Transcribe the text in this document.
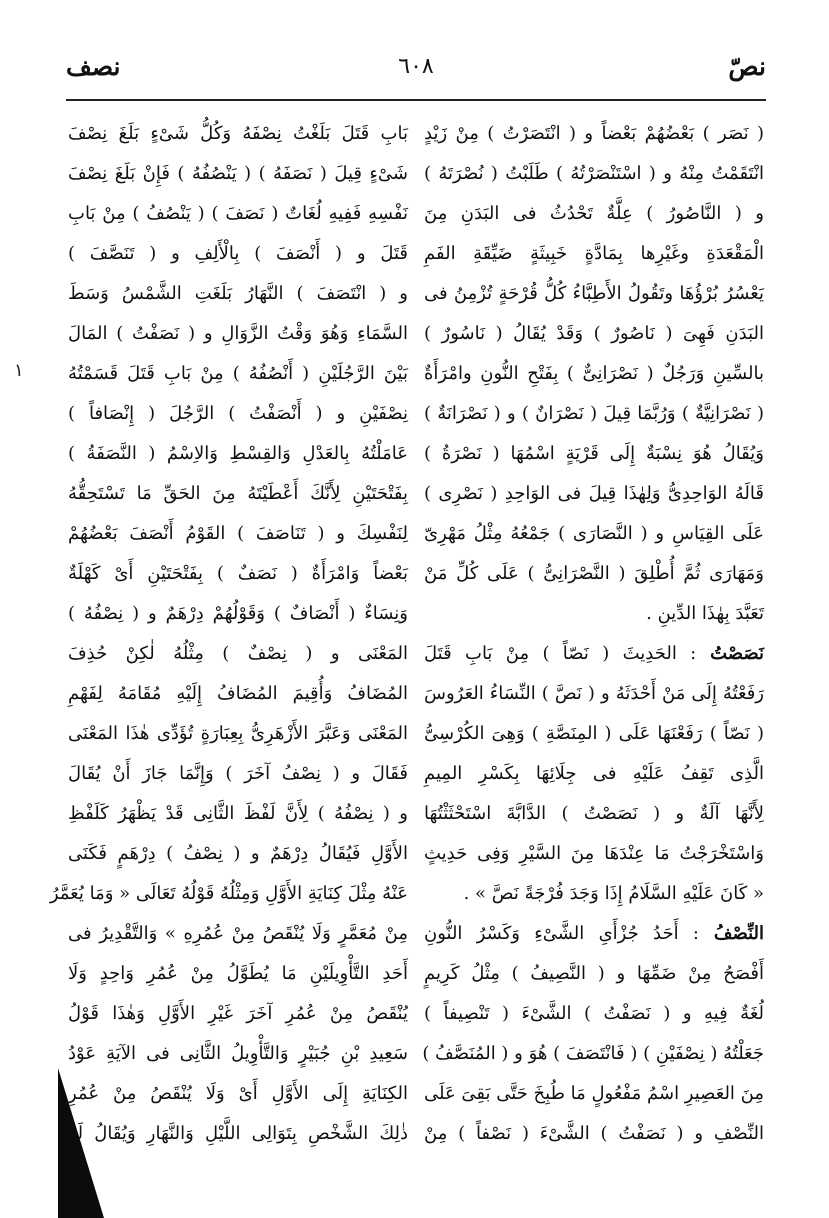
نصّ
٦٠٨
نصف
١
( نَصَر ) بَعْضُهُمْ بَعْضاً و ( انْتَصَرْتُ ) مِنْ زَيْدٍ
انْتَقَمْتُ مِنْهُ و ( اسْتَنْصَرْتُهُ ) طَلَبْتُ ( نُصْرَتَهُ )
و ( النَّاصُورُ ) عِلَّةٌ تَحْدُثُ فى البَدَنِ مِنَ
الْمَقْعَدَةِ وغَيْرِها بِمَادَّةٍ خَبِيثَةٍ ضَيِّقَةِ الفَمِ
يَعْسُرُ بُرْؤُهَا وتَقُولُ الأَطِبَّاءُ كُلُّ قُرْحَةٍ تُزْمِنُ فى
البَدَنِ فَهِىَ ( نَاصُورٌ ) وَقَدْ يُقَالُ ( نَاسُورٌ )
بالسِّينِ وَرَجُلٌ ( نَصْرَانِىٌّ ) بِفَتْحِ النُّونِ وامْرَأَةٌ
( نَصْرَانِيَّةٌ ) وَرُبَّمَا قِيلَ ( نَصْرَانٌ ) و ( نَصْرَانَةٌ )
وَيُقَالُ هُوَ نِسْبَةٌ إِلَى قَرْيَةٍ اسْمُهَا ( نَصْرَةُ )
قَالَهُ الوَاحِدِىُّ وَلِهٰذَا قِيلَ فى الوَاحِدِ ( نَصْرِى )
عَلَى القِيَاسِ و ( النَّصَارَى ) جَمْعُهُ مِثْلُ مَهْرِىّ
وَمَهَارَى ثُمَّ أُطْلِقَ ( النَّصْرَانِىُّ ) عَلَى كُلِّ مَنْ
تَعَبَّدَ بِهٰذَا الدِّينِ .
نَصَصْتُ : الحَدِيثَ ( نَصّاً ) مِنْ بَابِ قَتَلَ
رَفَعْتُهُ إِلَى مَنْ أَحْدَثَهُ و ( نَصَّ ) النِّسَاءُ العَرُوسَ
( نَصّاً ) رَفَعْنَهَا عَلَى ( المِنَصَّةِ ) وَهِىَ الكُرْسِىُّ
الَّذِى تَقِفُ عَلَيْهِ فى جِلَائِهَا بِكَسْرِ المِيمِ
لِأَنَّهَا آلَةٌ و ( نَصَصْتُ ) الدَّابَّةَ اسْتَحْثَثْتُهَا
وَاسْتَخْرَجْتُ مَا عِنْدَهَا مِنَ السَّيْرِ وَفِى حَدِيثٍ
« كَانَ عَلَيْهِ السَّلَامُ إِذَا وَجَدَ فُرْجَةً نَصَّ » .
النِّصْفُ : أَحَدُ جُزْأَىِ الشَّىْءِ وَكَسْرُ النُّونِ
أَفْصَحُ مِنْ ضَمِّهَا و ( النَّصِيفُ ) مِثْلُ كَرِيمٍ
لُغَةٌ فِيهِ و ( نَصَفْتُ ) الشَّىْءَ ( تَنْصِيفاً )
جَعَلْتُهُ ( نِصْفَيْنِ ) ( فَانْتَصَفَ ) هُوَ و ( المُنَصَّفُ )
مِنَ العَصِيرِ اسْمُ مَفْعُولٍ مَا طُبِخَ حَتَّى بَقِىَ عَلَى
النِّصْفِ و ( نَصَفْتُ ) الشَّىْءَ ( نَصْفاً ) مِنْ
بَابِ قَتَلَ بَلَغْتُ نِصْفَهُ وَكُلُّ شَىْءٍ بَلَغَ نِصْفَ
شَىْءٍ قِيلَ ( نَصَفَهُ ) ( يَنْصُفُهُ ) فَإِنْ بَلَغَ نِصْفَ
نَفْسِهِ فَفِيهِ لُغَاتٌ ( نَصَفَ ) ( يَنْصُفُ ) مِنْ بَابِ
قَتَلَ و ( أَنْصَفَ ) بِالْأَلِفِ و ( تَنَصَّفَ )
و ( انْتَصَفَ ) النَّهَارُ بَلَغَتِ الشَّمْسُ وَسَطَ
السَّمَاءِ وَهُوَ وَقْتُ الزَّوَالِ و ( نَصَفْتُ ) المَالَ
بَيْنَ الرَّجُلَيْنِ ( أَنْصُفُهُ ) مِنْ بَابِ قَتَلَ قَسَمْتُهُ
نِصْفَيْنِ و ( أَنْصَفْتُ ) الرَّجُلَ ( إِنْصَافاً )
عَامَلْتُهُ بِالعَدْلِ وَالقِسْطِ وَالاِسْمُ ( النَّصَفَةُ )
بِفَتْحَتَيْنِ لِأَنَّكَ أَعْطَيْتَهُ مِنَ الحَقِّ مَا تَسْتَحِقُّهُ
لِنَفْسِكَ و ( تَنَاصَفَ ) القَوْمُ أَنْصَفَ بَعْضُهُمْ
بَعْضاً وَامْرَأَةٌ ( نَصَفٌ ) بِفَتْحَتَيْنِ أَىْ كَهْلَةٌ
وَنِسَاءٌ ( أَنْصَافٌ ) وَقَوْلُهُمْ دِرْهَمٌ و ( نِصْفُهُ )
المَعْنَى و ( نِصْفٌ ) مِثْلُهُ لٰكِنْ حُذِفَ
المُضَافُ وَأُقِيمَ المُضَافُ إِلَيْهِ مُقَامَهُ لِفَهْمِ
المَعْنَى وَعَبَّرَ الأَزْهَرِىُّ بِعِبَارَةٍ تُؤَدِّى هٰذَا المَعْنَى
فَقَالَ و ( نِصْفُ آخَرَ ) وَإِنَّمَا جَازَ أَنْ يُقَالَ
و ( نِصْفُهُ ) لِأَنَّ لَفْظَ الثَّانِى قَدْ يَظْهَرُ كَلَفْظِ
الأَوَّلِ فَيُقَالُ دِرْهَمٌ و ( نِصْفُ ) دِرْهَمٍ فَكَنَى
عَنْهُ مِثْلَ كِنَايَةِ الأَوَّلِ وَمِثْلُهُ قَوْلُهُ تَعَالَى « وَمَا يُعَمَّرُ
مِنْ مُعَمَّرٍ وَلَا يُنْقَصُ مِنْ عُمُرِهِ » وَالتَّقْدِيرُ فى
أَحَدِ التَّأْوِيلَيْنِ مَا يُطَوَّلُ مِنْ عُمُرِ وَاحِدٍ وَلَا
يُنْقَصُ مِنْ عُمُرِ آخَرَ غَيْرِ الأَوَّلِ وَهٰذَا قَوْلُ
سَعِيدِ بْنِ جُبَيْرٍ وَالتَّأْوِيلُ الثَّانِى فى الآيَةِ عَوْدُ
الكِنَايَةِ إِلَى الأَوَّلِ أَىْ وَلَا يُنْقَصُ مِنْ عُمُرِ
ذٰلِكَ الشَّخْصِ بِتَوَالِى اللَّيْلِ وَالنَّهَارِ وَيُقَالُ لَهُ
